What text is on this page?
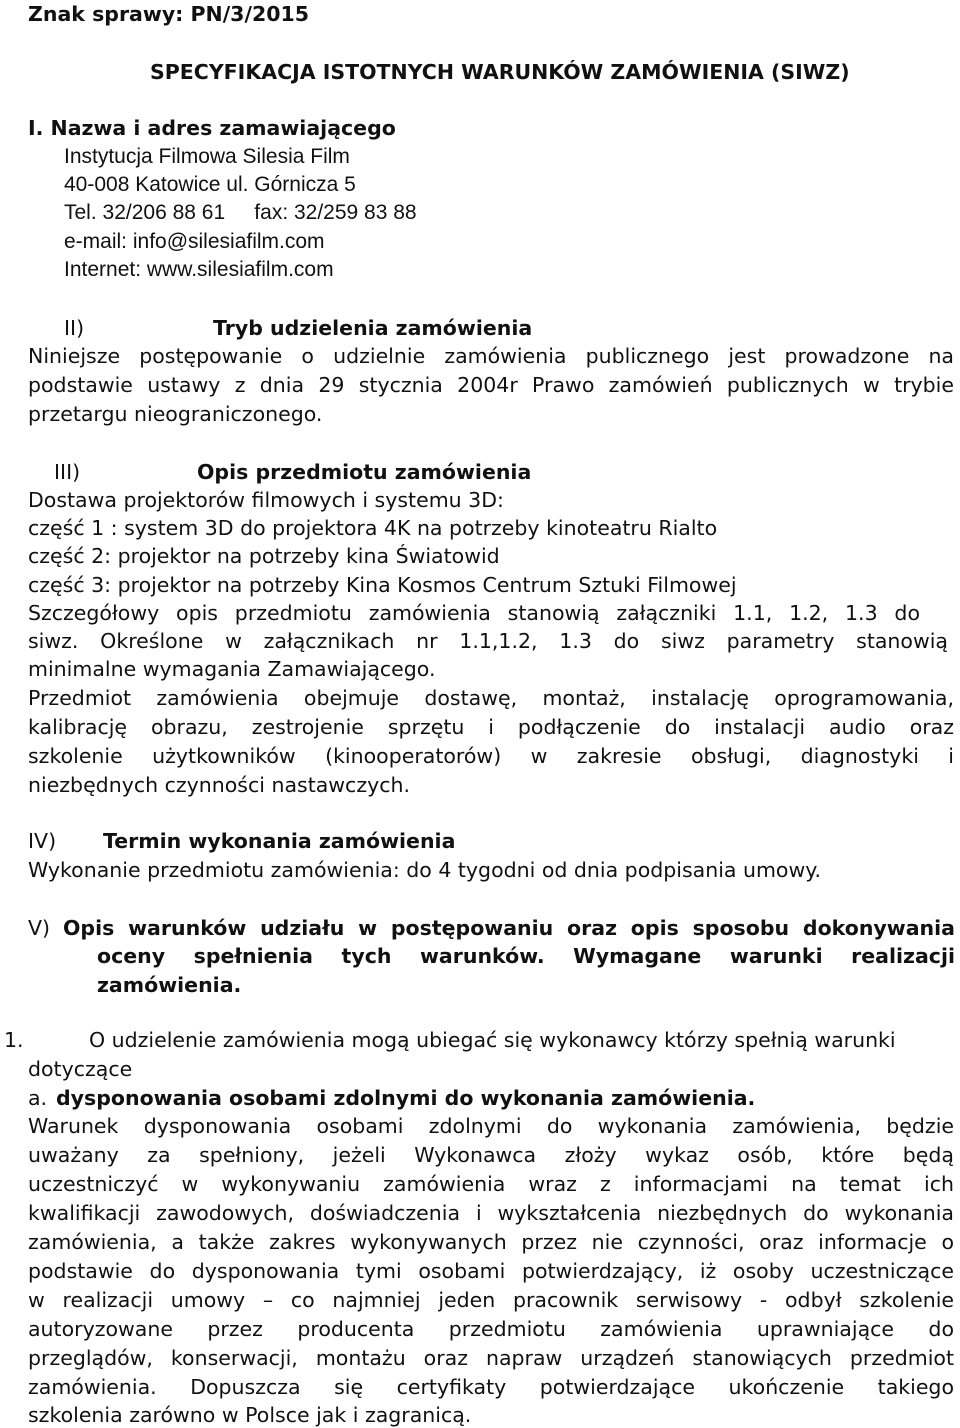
Znak sprawy: PN/3/2015
SPECYFIKACJA ISTOTNYCH WARUNKÓW ZAMÓWIENIA (SIWZ)
I. Nazwa i adres zamawiającego
Instytucja Filmowa Silesia Film
40-008 Katowice ul. Górnicza 5
Tel. 32/206 88 61     fax: 32/259 83 88
e-mail: info@silesiafilm.com
Internet: www.silesiafilm.com
II)	Tryb udzielenia zamówienia
Niniejsze postępowanie o udzielnie zamówienia publicznego jest prowadzone na
podstawie ustawy z dnia 29 stycznia 2004r Prawo zamówień publicznych w trybie
przetargu nieograniczonego.
III)	Opis przedmiotu zamówienia
Dostawa projektorów filmowych i systemu 3D:
część 1 : system 3D do projektora 4K na potrzeby kinoteatru Rialto
część 2: projektor na potrzeby kina Światowid
część 3: projektor na potrzeby Kina Kosmos Centrum Sztuki Filmowej
Szczegółowy opis przedmiotu zamówienia stanowią załączniki 1.1, 1.2, 1.3 do
siwz. Określone w załącznikach nr 1.1,1.2, 1.3 do siwz parametry stanowią
minimalne wymagania Zamawiającego.
Przedmiot zamówienia obejmuje dostawę, montaż, instalację oprogramowania,
kalibrację obrazu, zestrojenie sprzętu i podłączenie do instalacji audio oraz
szkolenie użytkowników (kinooperatorów) w zakresie obsługi, diagnostyki i
niezbędnych czynności nastawczych.
IV) Termin wykonania zamówienia
Wykonanie przedmiotu zamówienia: do 4 tygodni od dnia podpisania umowy.
V) Opis warunków udziału w postępowaniu oraz opis sposobu dokonywania
oceny spełnienia tych warunków. Wymagane warunki realizacji
zamówienia.
1.	O udzielenie zamówienia mogą ubiegać się wykonawcy którzy spełnią warunki
dotyczące
a. dysponowania osobami zdolnymi do wykonania zamówienia.
Warunek dysponowania osobami zdolnymi do wykonania zamówienia, będzie
uważany za spełniony, jeżeli Wykonawca złoży wykaz osób, które będą
uczestniczyć w wykonywaniu zamówienia wraz z informacjami na temat ich
kwalifikacji zawodowych, doświadczenia i wykształcenia niezbędnych do wykonania
zamówienia, a także zakres wykonywanych przez nie czynności, oraz informacje o
podstawie do dysponowania tymi osobami potwierdzający, iż osoby uczestniczące
w realizacji umowy – co najmniej jeden pracownik serwisowy - odbył szkolenie
autoryzowane przez producenta przedmiotu zamówienia uprawniające do
przeglądów, konserwacji, montażu oraz napraw urządzeń stanowiących przedmiot
zamówienia. Dopuszcza się certyfikaty potwierdzające ukończenie takiego
szkolenia zarówno w Polsce jak i zagranicą.
